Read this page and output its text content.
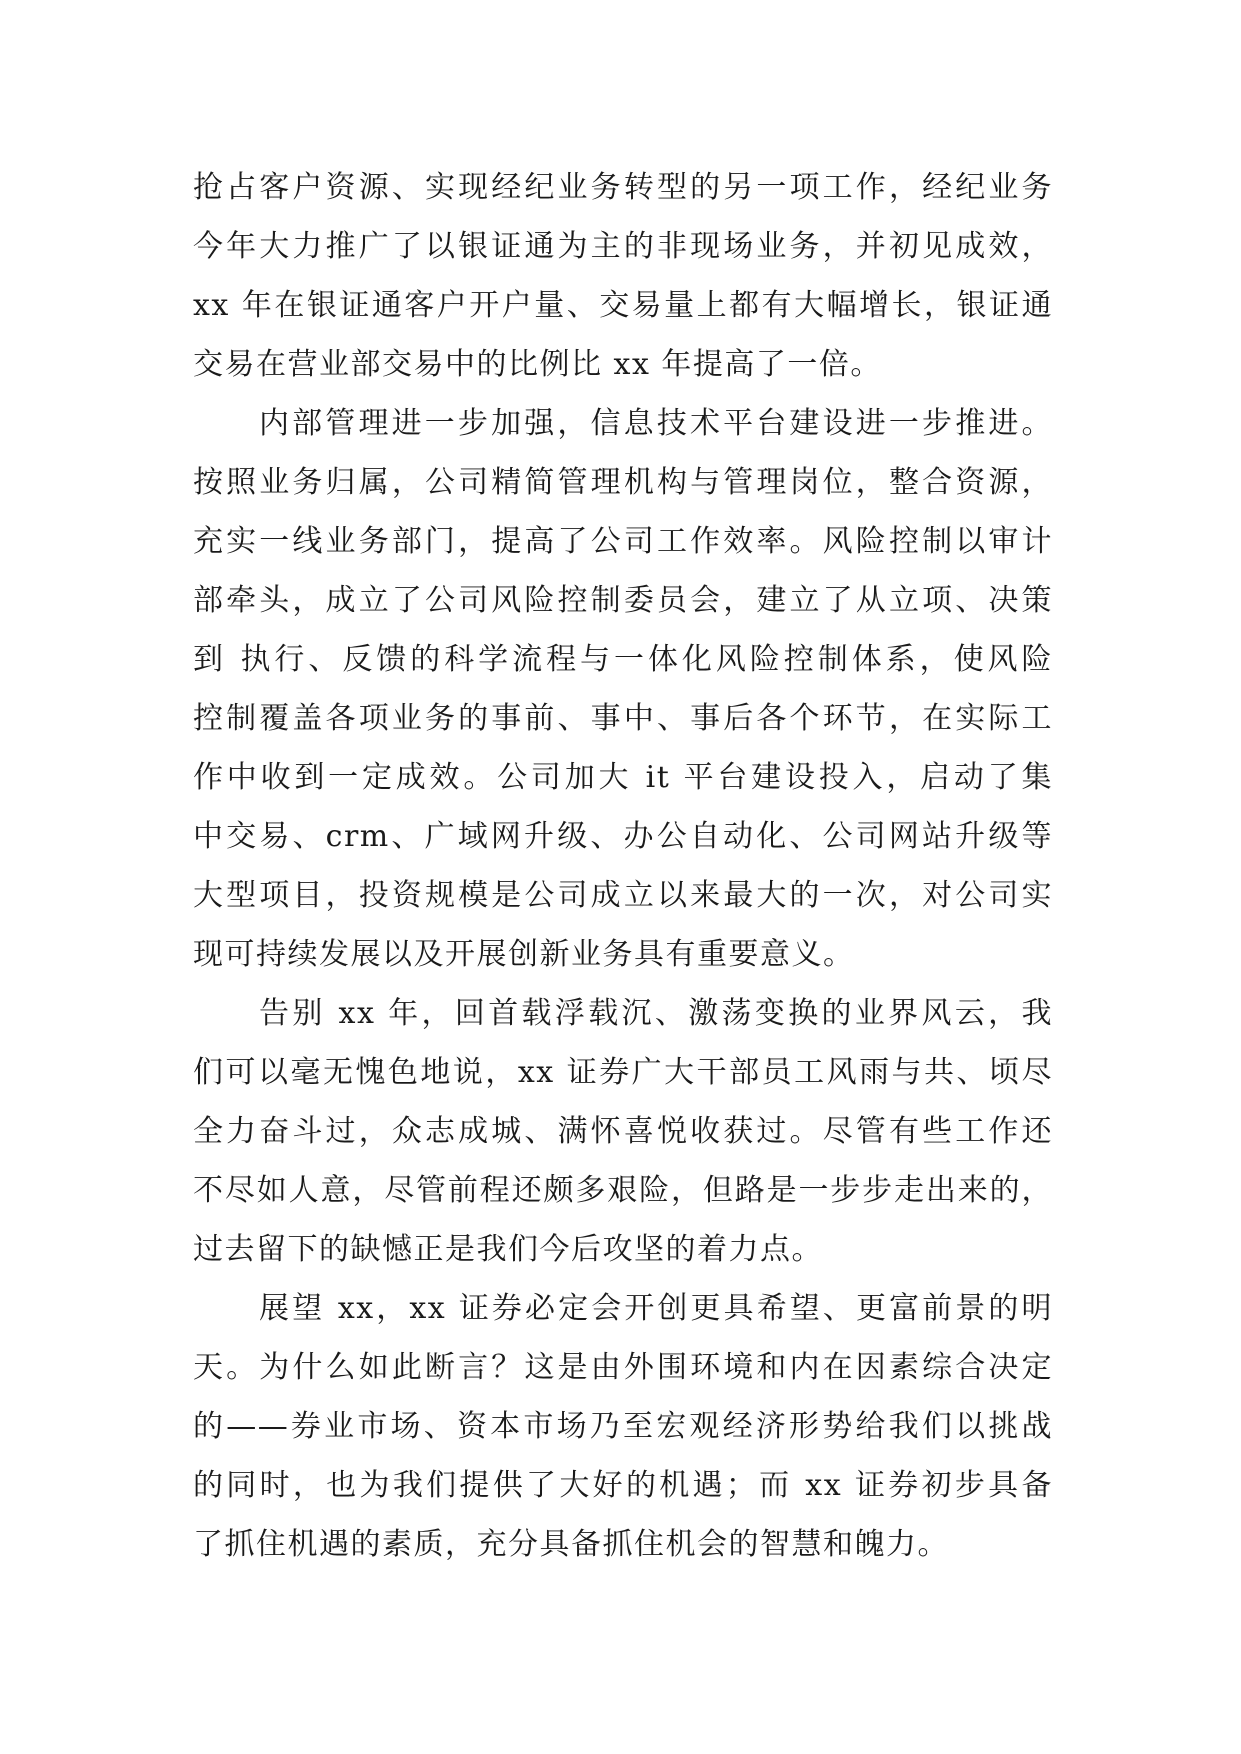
抢占客户资源、实现经纪业务转型的另一项工作，经纪业务
今年大力推广了以银证通为主的非现场业务，并初见成效，
xx 年在银证通客户开户量、交易量上都有大幅增长，银证通
交易在营业部交易中的比例比 xx 年提高了一倍。
内部管理进一步加强，信息技术平台建设进一步推进。
按照业务归属，公司精简管理机构与管理岗位，整合资源，
充实一线业务部门，提高了公司工作效率。风险控制以审计
部牵头，成立了公司风险控制委员会，建立了从立项、决策
到 执行、反馈的科学流程与一体化风险控制体系，使风险
控制覆盖各项业务的事前、事中、事后各个环节，在实际工
作中收到一定成效。公司加大 it 平台建设投入，启动了集
中交易、crm、广域网升级、办公自动化、公司网站升级等
大型项目，投资规模是公司成立以来最大的一次，对公司实
现可持续发展以及开展创新业务具有重要意义。
告别 xx 年，回首载浮载沉、激荡变换的业界风云，我
们可以毫无愧色地说，xx 证券广大干部员工风雨与共、顷尽
全力奋斗过，众志成城、满怀喜悦收获过。尽管有些工作还
不尽如人意，尽管前程还颇多艰险，但路是一步步走出来的，
过去留下的缺憾正是我们今后攻坚的着力点。
展望 xx，xx 证券必定会开创更具希望、更富前景的明
天。为什么如此断言？这是由外围环境和内在因素综合决定
的——券业市场、资本市场乃至宏观经济形势给我们以挑战
的同时，也为我们提供了大好的机遇；而 xx 证券初步具备
了抓住机遇的素质，充分具备抓住机会的智慧和魄力。
